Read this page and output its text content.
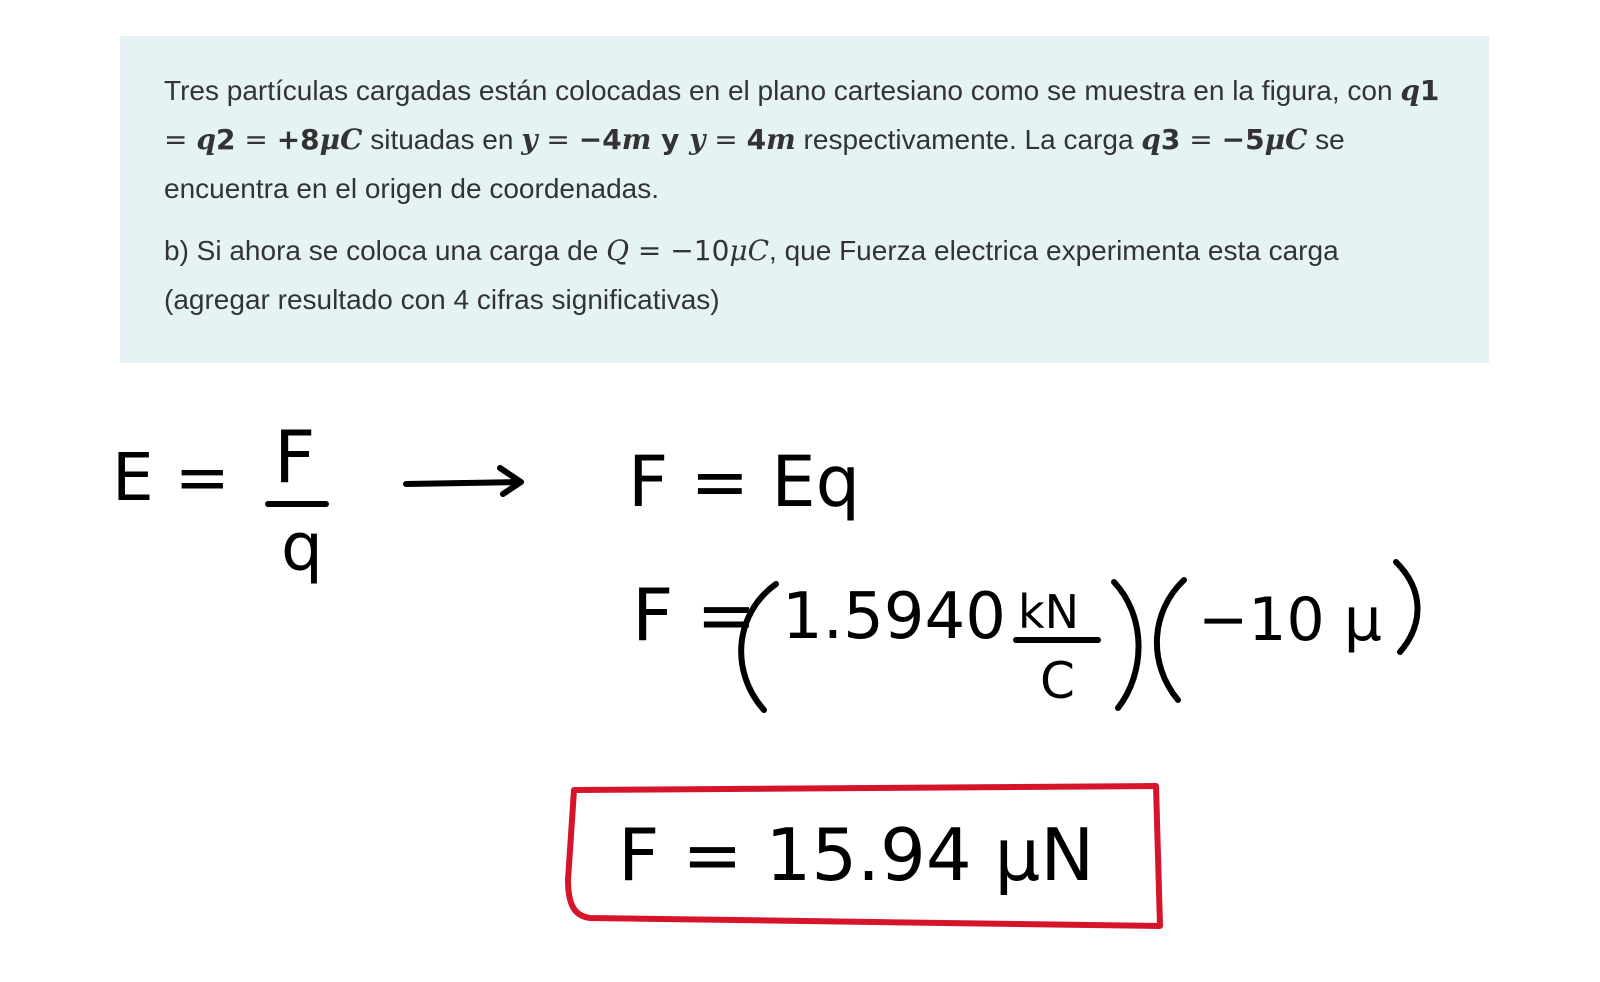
Tres partículas cargadas están colocadas en el plano cartesiano como se muestra en la figura, con q1 = q2 = +8μC situadas en y = −4m y y = 4m respectivamente. La carga q3 = −5μC se encuentra en el origen de coordenadas.

b) Si ahora se coloca una carga de Q = −10μC, que Fuerza electrica experimenta esta carga (agregar resultado con 4 cifras significativas)

E = F
q
F = Eq
F = 1.5940 kN
C
−10 μ
F = 15.94 μN
